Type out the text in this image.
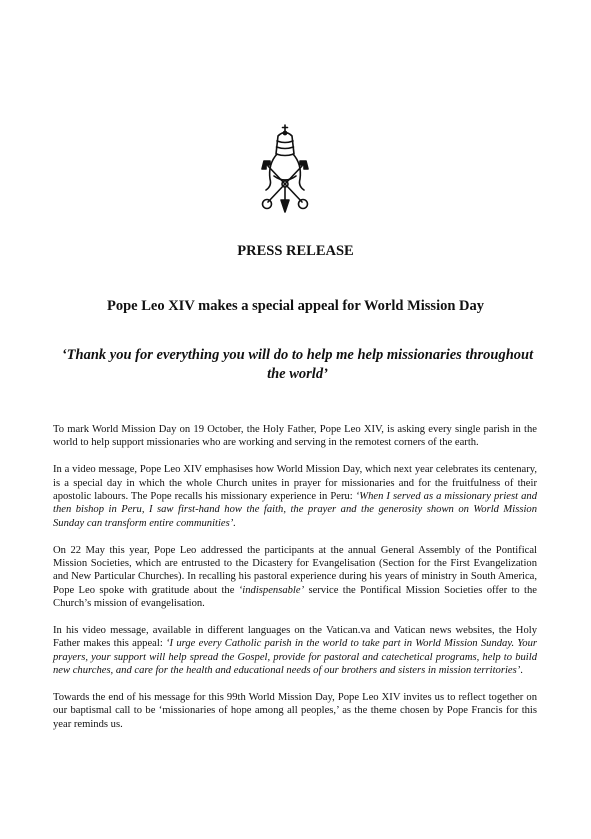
PRESS RELEASE
Pope Leo XIV makes a special appeal for World Mission Day
‘Thank you for everything you will do to help me help missionaries throughout the world’

To mark World Mission Day on 19 October, the Holy Father, Pope Leo XIV, is asking every single parish in the world to help support missionaries who are working and serving in the remotest corners of the earth.

In a video message, Pope Leo XIV emphasises how World Mission Day, which next year celebrates its centenary, is a special day in which the whole Church unites in prayer for missionaries and for the fruitfulness of their apostolic labours. The Pope recalls his missionary experience in Peru: ‘When I served as a missionary priest and then bishop in Peru, I saw first-hand how the faith, the prayer and the generosity shown on World Mission Sunday can transform entire communities’.

On 22 May this year, Pope Leo addressed the participants at the annual General Assembly of the Pontifical Mission Societies, which are entrusted to the Dicastery for Evangelisation (Section for the First Evangelization and New Particular Churches). In recalling his pastoral experience during his years of ministry in South America, Pope Leo spoke with gratitude about the ‘indispensable’ service the Pontifical Mission Societies offer to the Church’s mission of evangelisation.

In his video message, available in different languages on the Vatican.va and Vatican news websites, the Holy Father makes this appeal: ‘I urge every Catholic parish in the world to take part in World Mission Sunday. Your prayers, your support will help spread the Gospel, provide for pastoral and catechetical programs, help to build new churches, and care for the health and educational needs of our brothers and sisters in mission territories’.

Towards the end of his message for this 99th World Mission Day, Pope Leo XIV invites us to reflect together on our baptismal call to be ‘missionaries of hope among all peoples,’ as the theme chosen by Pope Francis for this year reminds us.
